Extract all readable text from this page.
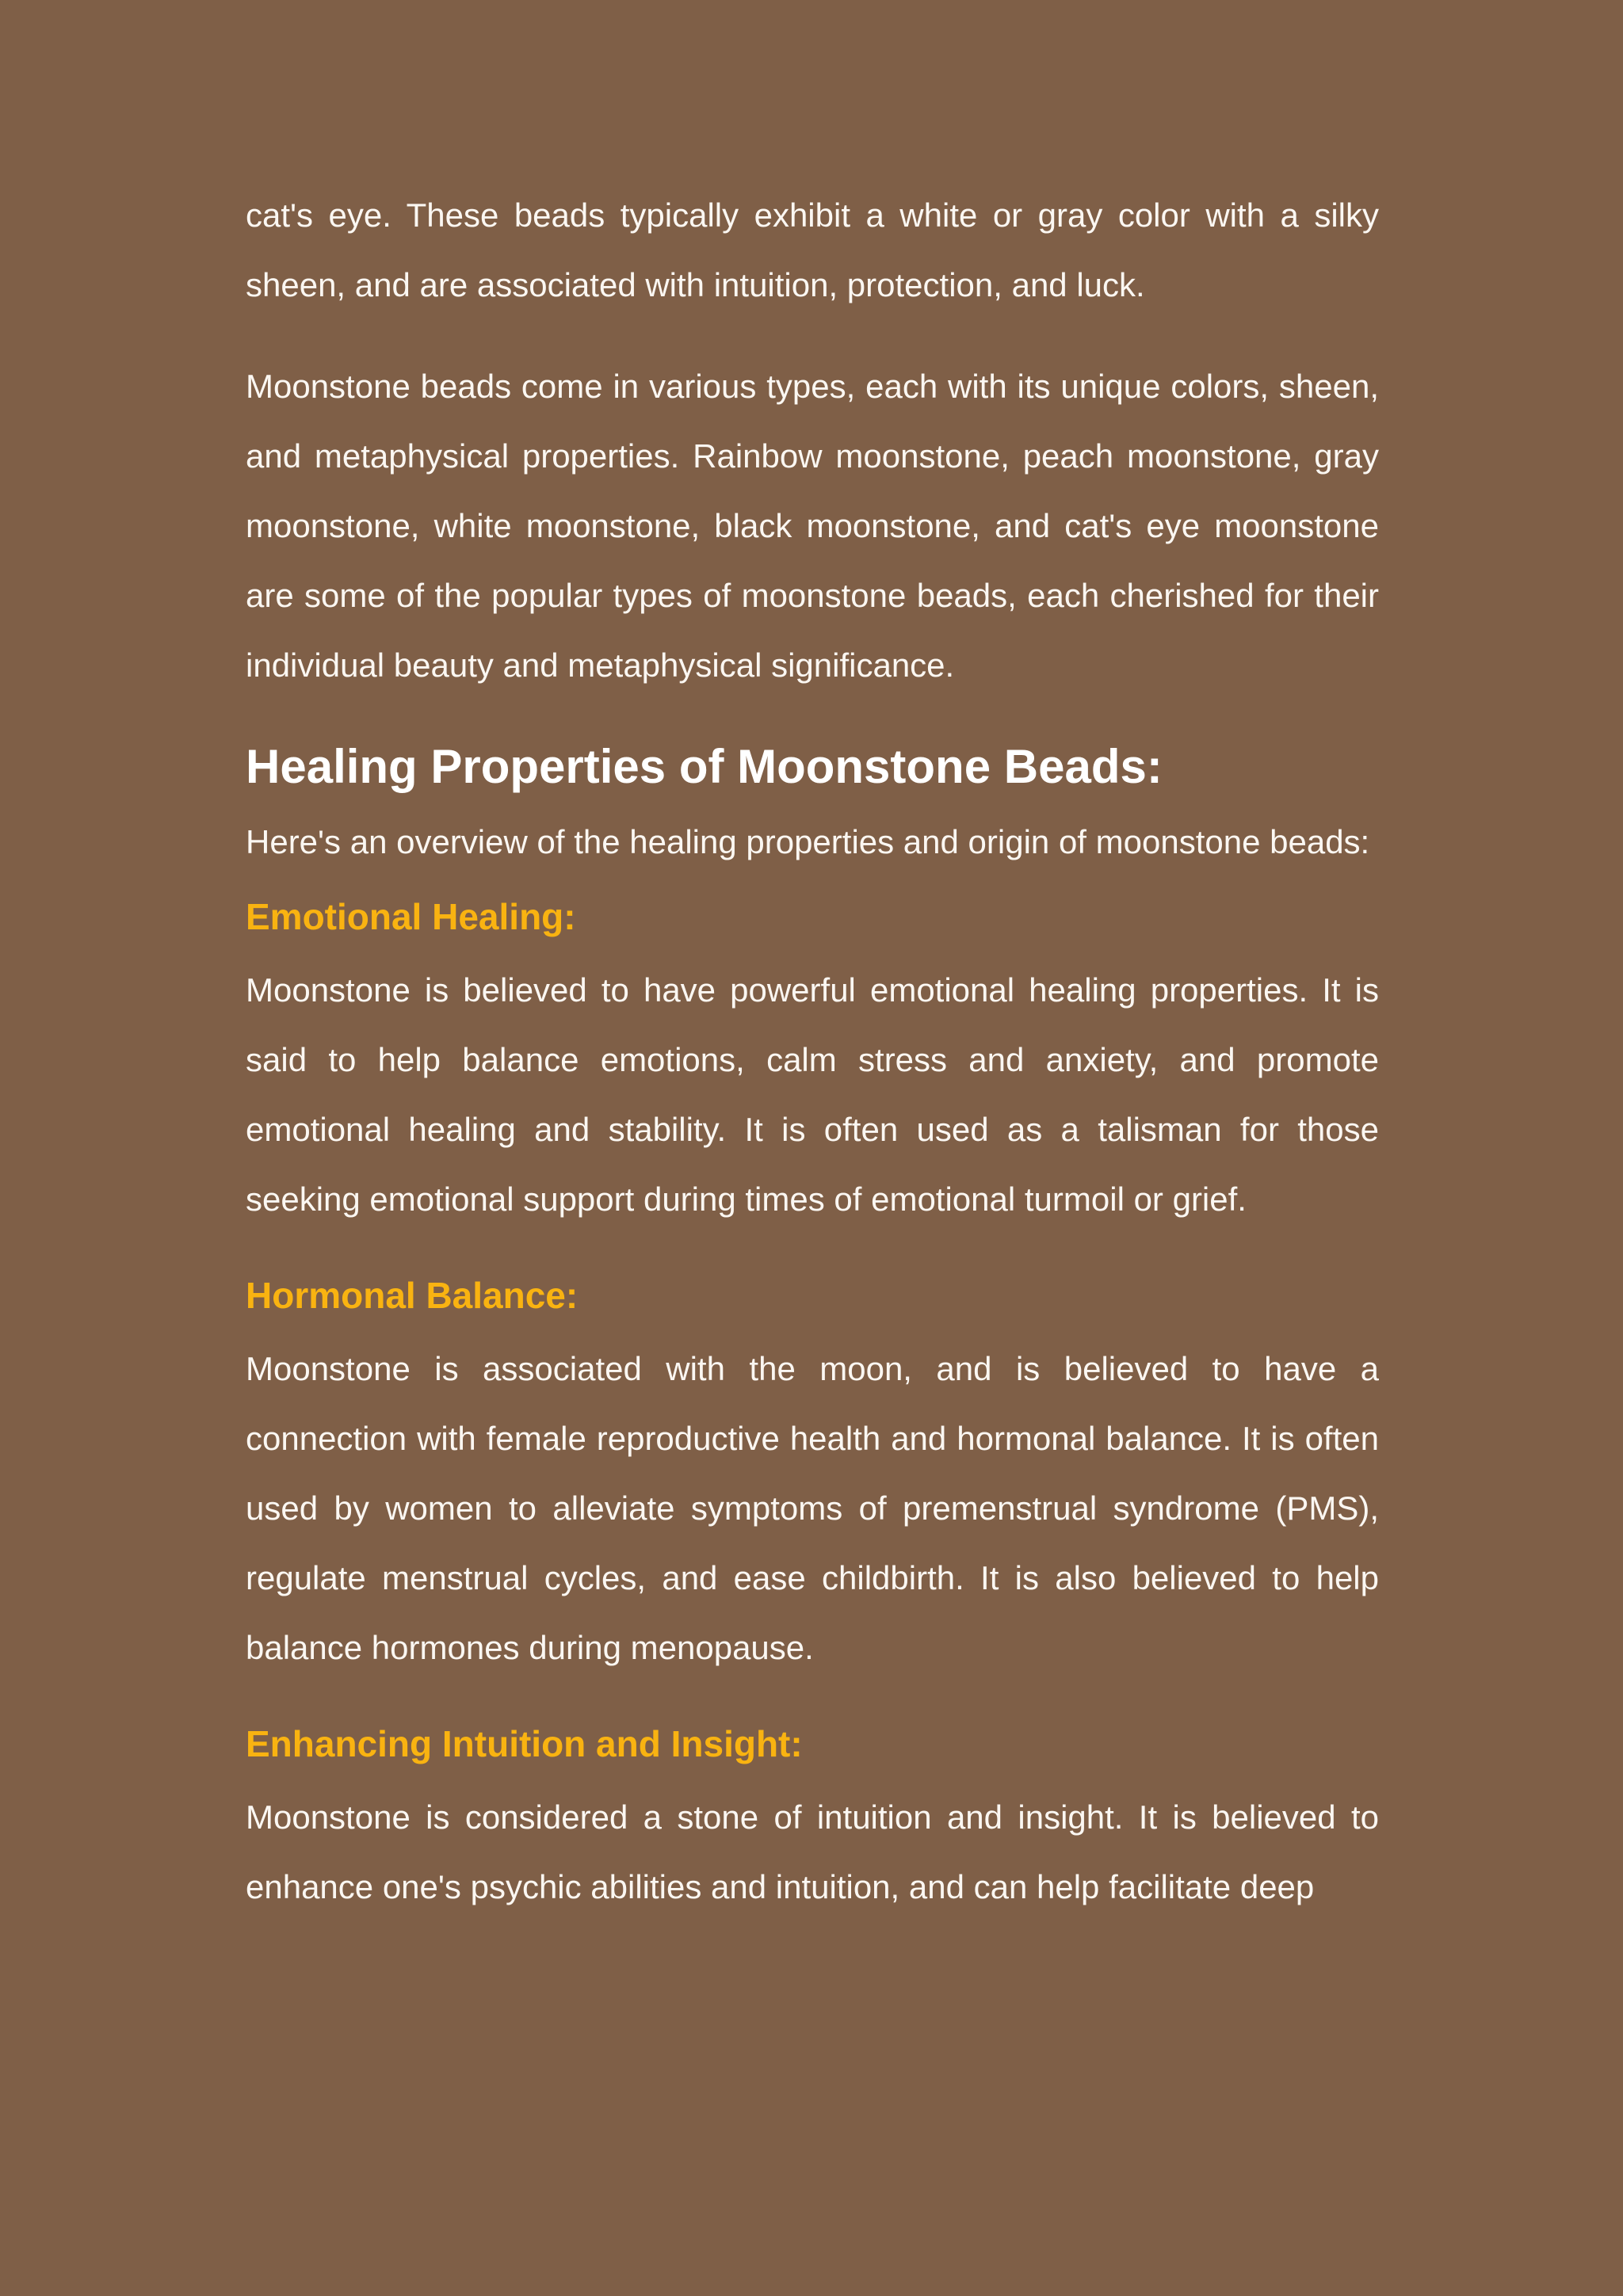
cat's eye. These beads typically exhibit a white or gray color with a silky sheen, and are associated with intuition, protection, and luck.

Moonstone beads come in various types, each with its unique colors, sheen, and metaphysical properties. Rainbow moonstone, peach moonstone, gray moonstone, white moonstone, black moonstone, and cat's eye moonstone are some of the popular types of moonstone beads, each cherished for their individual beauty and metaphysical significance.

Healing Properties of Moonstone Beads:

Here's an overview of the healing properties and origin of moonstone beads:

Emotional Healing:

Moonstone is believed to have powerful emotional healing properties. It is said to help balance emotions, calm stress and anxiety, and promote emotional healing and stability. It is often used as a talisman for those seeking emotional support during times of emotional turmoil or grief.

Hormonal Balance:

Moonstone is associated with the moon, and is believed to have a connection with female reproductive health and hormonal balance. It is often used by women to alleviate symptoms of premenstrual syndrome (PMS), regulate menstrual cycles, and ease childbirth. It is also believed to help balance hormones during menopause.

Enhancing Intuition and Insight:

Moonstone is considered a stone of intuition and insight. It is believed to enhance one's psychic abilities and intuition, and can help facilitate deep
